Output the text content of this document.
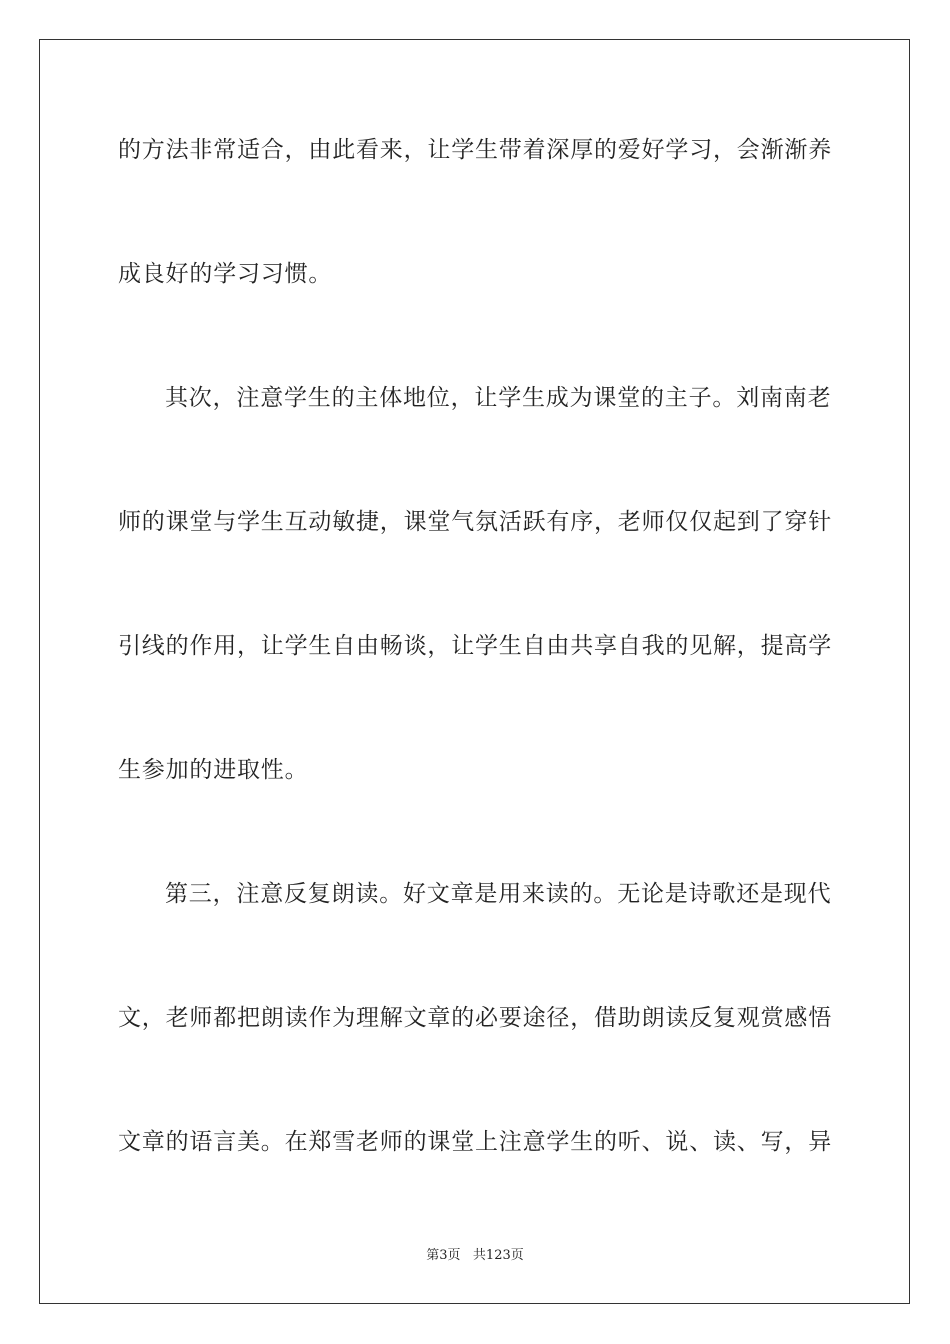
的方法非常适合，由此看来，让学生带着深厚的爱好学习，会渐渐养
成良好的学习习惯。
其次，注意学生的主体地位，让学生成为课堂的主子。刘南南老
师的课堂与学生互动敏捷，课堂气氛活跃有序，老师仅仅起到了穿针
引线的作用，让学生自由畅谈，让学生自由共享自我的见解，提高学
生参加的进取性。
第三，注意反复朗读。好文章是用来读的。无论是诗歌还是现代
文，老师都把朗读作为理解文章的必要途径，借助朗读反复观赏感悟
文章的语言美。在郑雪老师的课堂上注意学生的听、说、读、写，异
第3页 共123页
